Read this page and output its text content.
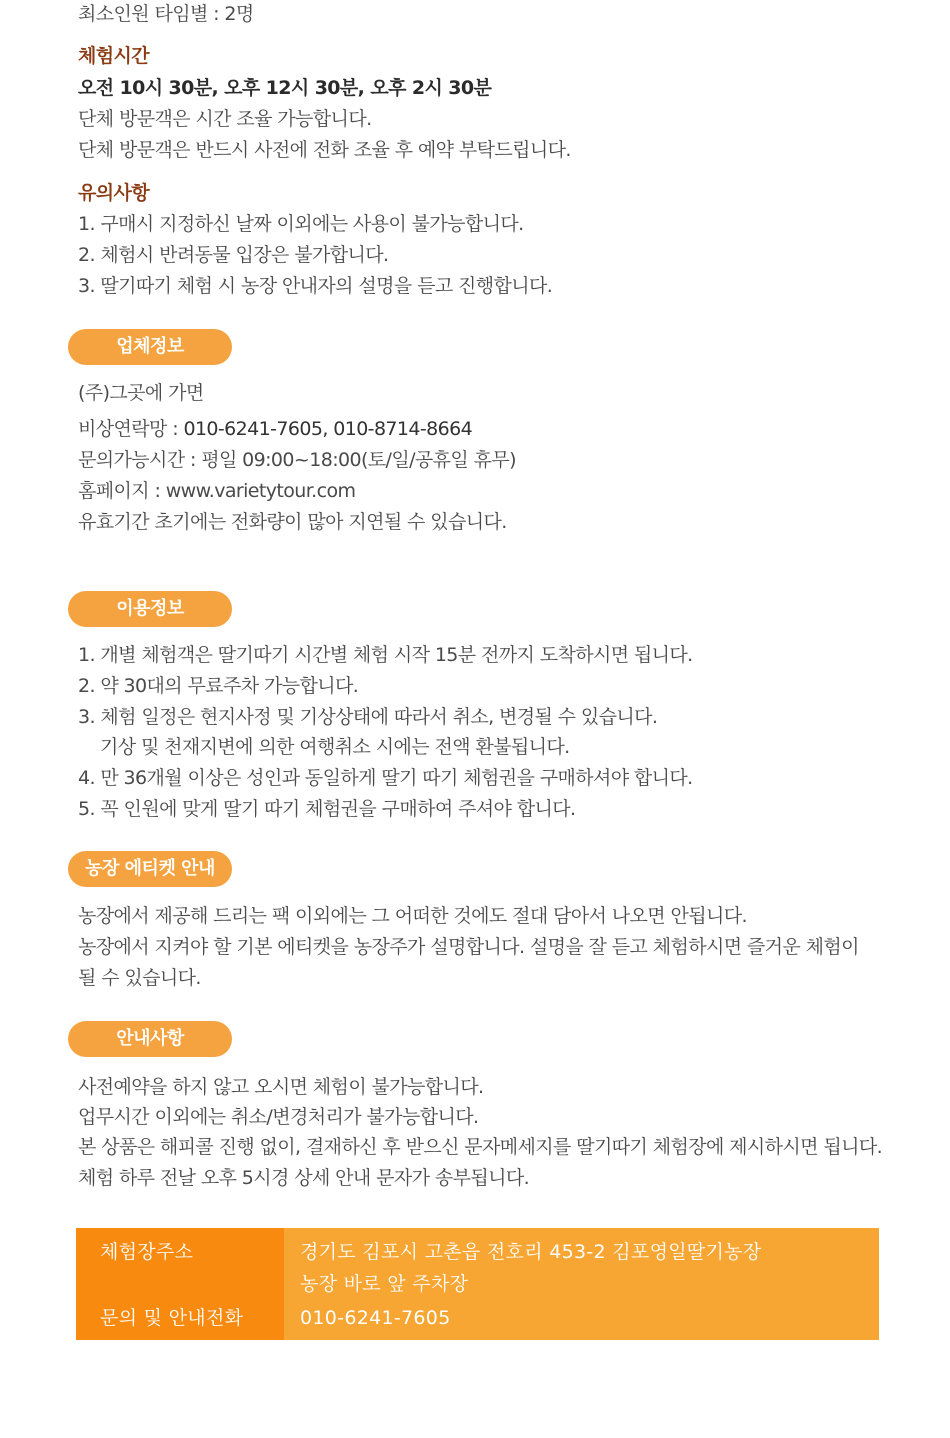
최소인원 타임별 : 2명
체험시간
오전 10시 30분, 오후 12시 30분, 오후 2시 30분
단체 방문객은 시간 조율 가능합니다.
단체 방문객은 반드시 사전에 전화 조율 후 예약 부탁드립니다.
유의사항
1. 구매시 지정하신 날짜 이외에는 사용이 불가능합니다.
2. 체험시 반려동물 입장은 불가합니다.
3. 딸기따기 체험 시 농장 안내자의 설명을 듣고 진행합니다.
업체정보
(주)그곳에 가면
비상연락망 : 010-6241-7605, 010-8714-8664
문의가능시간 : 평일 09:00~18:00(토/일/공휴일 휴무)
홈페이지 : www.varietytour.com
유효기간 초기에는 전화량이 많아 지연될 수 있습니다.
이용정보
1. 개별 체험객은 딸기따기 시간별 체험 시작 15분 전까지 도착하시면 됩니다.
2. 약 30대의 무료주차 가능합니다.
3. 체험 일정은 현지사정 및 기상상태에 따라서 취소, 변경될 수 있습니다.
기상 및 천재지변에 의한 여행취소 시에는 전액 환불됩니다.
4. 만 36개월 이상은 성인과 동일하게 딸기 따기 체험권을 구매하셔야 합니다.
5. 꼭 인원에 맞게 딸기 따기 체험권을 구매하여 주셔야 합니다.
농장 에티켓 안내
농장에서 제공해 드리는 팩 이외에는 그 어떠한 것에도 절대 담아서 나오면 안됩니다.
농장에서 지켜야 할 기본 에티켓을 농장주가 설명합니다. 설명을 잘 듣고 체험하시면 즐거운 체험이
될 수 있습니다.
안내사항
사전예약을 하지 않고 오시면 체험이 불가능합니다.
업무시간 이외에는 취소/변경처리가 불가능합니다.
본 상품은 해피콜 진행 없이, 결재하신 후 받으신 문자메세지를 딸기따기 체험장에 제시하시면 됩니다.
체험 하루 전날 오후 5시경 상세 안내 문자가 송부됩니다.
체험장주소
문의 및 안내전화
경기도 김포시 고촌읍 전호리 453-2 김포영일딸기농장
농장 바로 앞 주차장
010-6241-7605
